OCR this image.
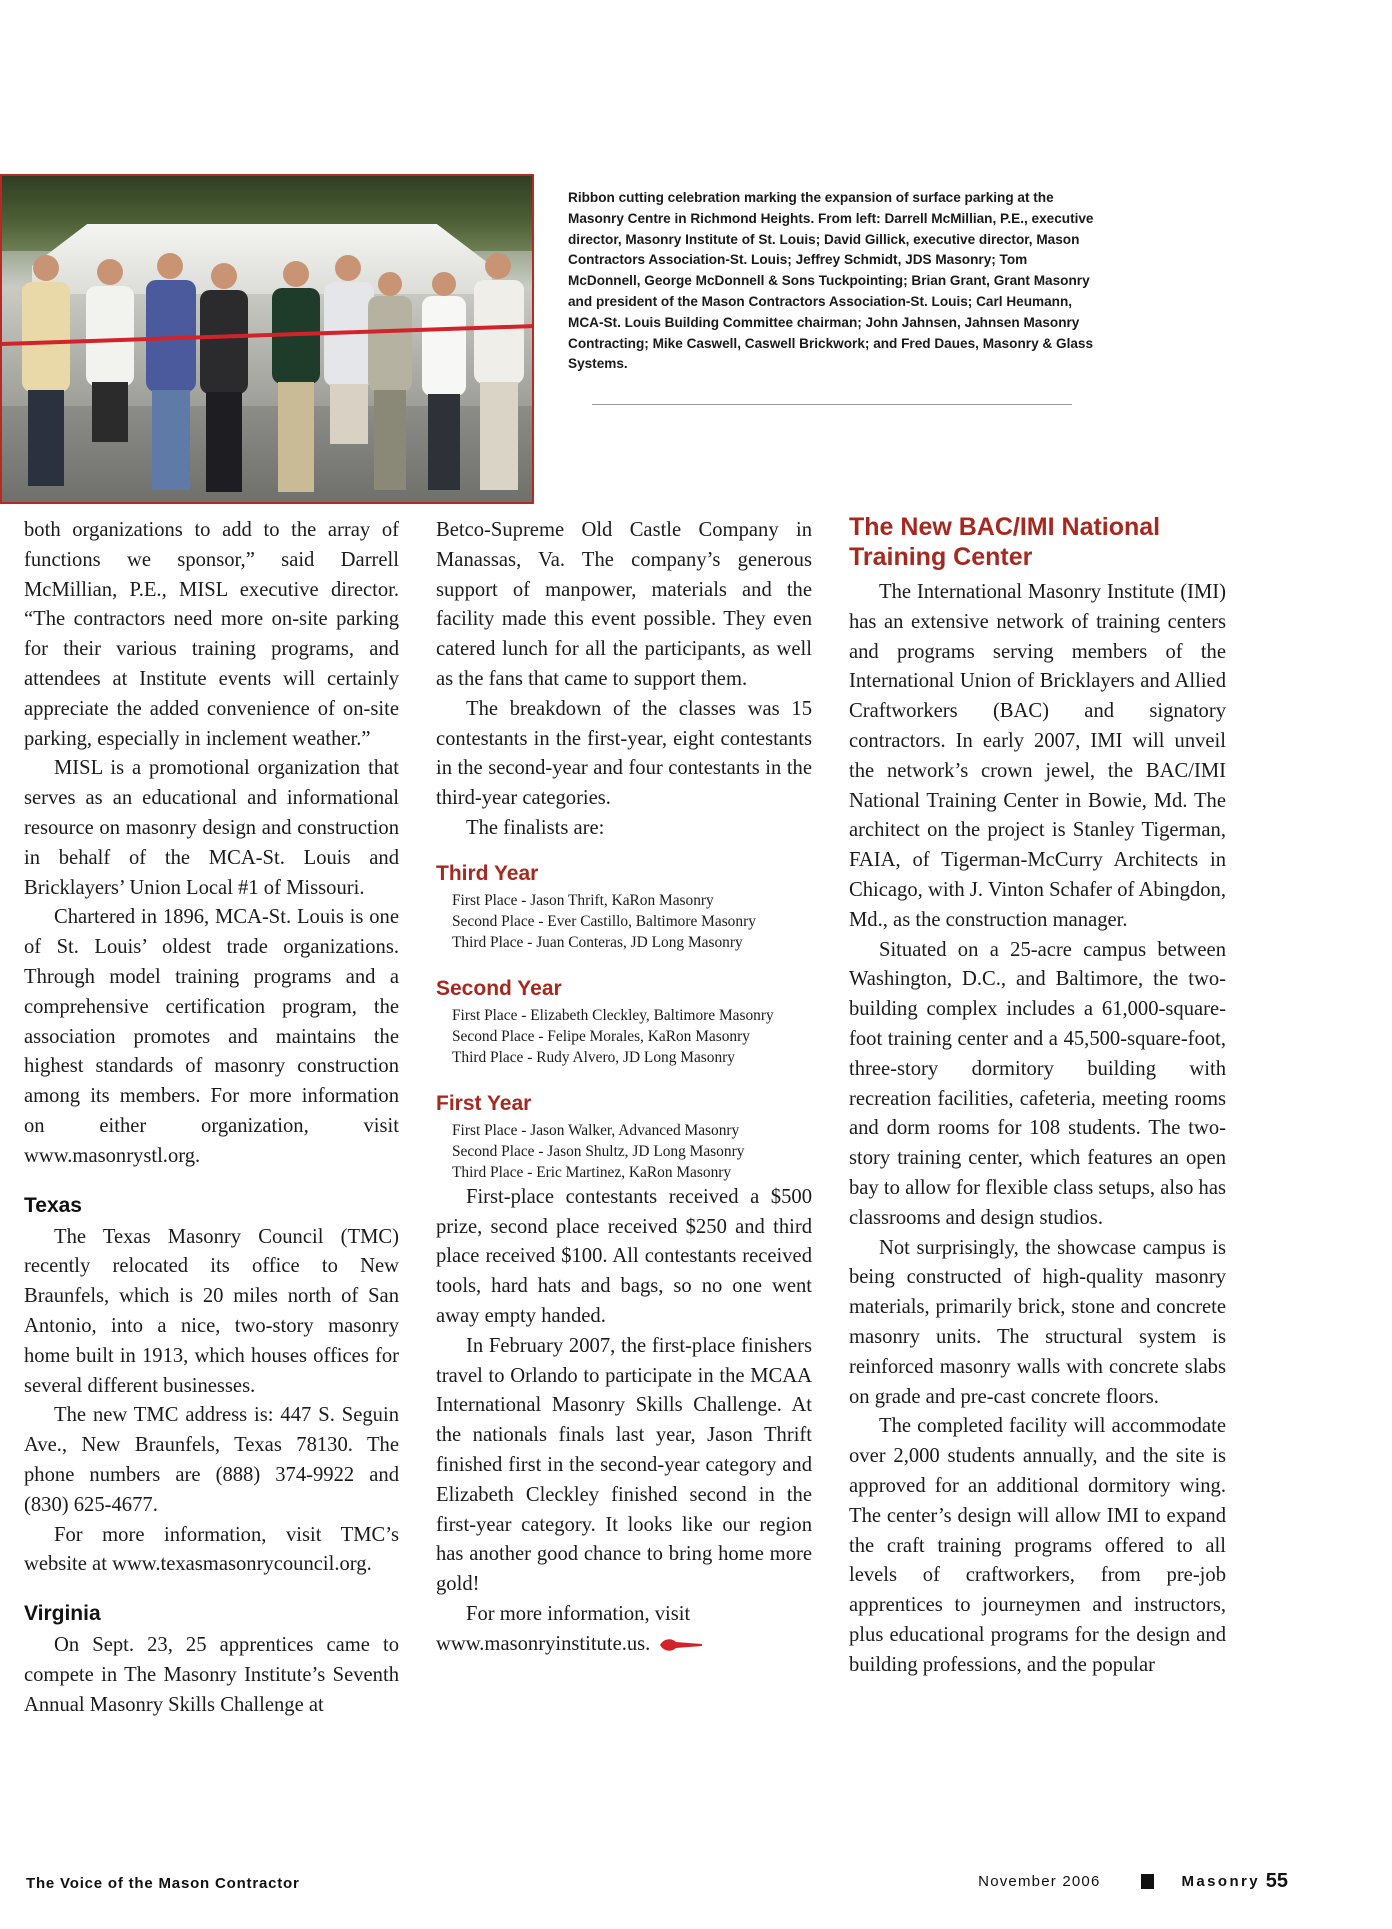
Ribbon cutting celebration marking the expansion of surface parking at the Masonry Centre in Richmond Heights. From left: Darrell McMillian, P.E., executive director, Masonry Institute of St. Louis; David Gillick, executive director, Mason Contractors Association-St. Louis; Jeffrey Schmidt, JDS Masonry; Tom McDonnell, George McDonnell & Sons Tuckpointing; Brian Grant, Grant Masonry and president of the Mason Contractors Association-St. Louis; Carl Heumann, MCA-St. Louis Building Committee chairman; John Jahnsen, Jahnsen Masonry Contracting; Mike Caswell, Caswell Brickwork; and Fred Daues, Masonry & Glass Systems.

both organizations to add to the array of functions we sponsor,” said Darrell McMillian, P.E., MISL executive director. “The contractors need more on-site parking for their various training programs, and attendees at Institute events will certainly appreciate the added convenience of on-site parking, especially in inclement weather.”

MISL is a promotional organization that serves as an educational and informational resource on masonry design and construction in behalf of the MCA-St. Louis and Bricklayers’ Union Local #1 of Missouri.

Chartered in 1896, MCA-St. Louis is one of St. Louis’ oldest trade organizations. Through model training programs and a comprehensive certification program, the association promotes and maintains the highest standards of masonry construction among its members. For more information on either organization, visit www.masonrystl.org.

Texas

The Texas Masonry Council (TMC) recently relocated its office to New Braunfels, which is 20 miles north of San Antonio, into a nice, two-story masonry home built in 1913, which houses offices for several different businesses.

The new TMC address is: 447 S. Seguin Ave., New Braunfels, Texas 78130. The phone numbers are (888) 374-9922 and (830) 625-4677.

For more information, visit TMC’s website at www.texasmasonrycouncil.org.

Virginia

On Sept. 23, 25 apprentices came to compete in The Masonry Institute’s Seventh Annual Masonry Skills Challenge at

Betco-Supreme Old Castle Company in Manassas, Va. The company’s generous support of manpower, materials and the facility made this event possible. They even catered lunch for all the participants, as well as the fans that came to support them.

The breakdown of the classes was 15 contestants in the first-year, eight contestants in the second-year and four contestants in the third-year categories.

The finalists are:

Third Year
First Place - Jason Thrift, KaRon Masonry
Second Place - Ever Castillo, Baltimore Masonry
Third Place - Juan Conteras, JD Long Masonry
Second Year
First Place - Elizabeth Cleckley, Baltimore Masonry
Second Place - Felipe Morales, KaRon Masonry
Third Place - Rudy Alvero, JD Long Masonry
First Year
First Place - Jason Walker, Advanced Masonry
Second Place - Jason Shultz, JD Long Masonry
Third Place - Eric Martinez, KaRon Masonry

First-place contestants received a $500 prize, second place received $250 and third place received $100. All contestants received tools, hard hats and bags, so no one went away empty handed.

In February 2007, the first-place finishers travel to Orlando to participate in the MCAA International Masonry Skills Challenge. At the nationals finals last year, Jason Thrift finished first in the second-year category and Elizabeth Cleckley finished second in the first-year category. It looks like our region has another good chance to bring home more gold!

For more information, visit www.masonryinstitute.us.

The New BAC/IMI National Training Center

The International Masonry Institute (IMI) has an extensive network of training centers and programs serving members of the International Union of Bricklayers and Allied Craftworkers (BAC) and signatory contractors. In early 2007, IMI will unveil the network’s crown jewel, the BAC/IMI National Training Center in Bowie, Md. The architect on the project is Stanley Tigerman, FAIA, of Tigerman-McCurry Architects in Chicago, with J. Vinton Schafer of Abingdon, Md., as the construction manager.

Situated on a 25-acre campus between Washington, D.C., and Baltimore, the two-building complex includes a 61,000-square-foot training center and a 45,500-square-foot, three-story dormitory building with recreation facilities, cafeteria, meeting rooms and dorm rooms for 108 students. The two-story training center, which features an open bay to allow for flexible class setups, also has classrooms and design studios.

Not surprisingly, the showcase campus is being constructed of high-quality masonry materials, primarily brick, stone and concrete masonry units. The structural system is reinforced masonry walls with concrete slabs on grade and pre-cast concrete floors.

The completed facility will accommodate over 2,000 students annually, and the site is approved for an additional dormitory wing. The center’s design will allow IMI to expand the craft training programs offered to all levels of craftworkers, from pre-job apprentices to journeymen and instructors, plus educational programs for the design and building professions, and the popular

The Voice of the Mason Contractor	November 2006	Masonry 55
